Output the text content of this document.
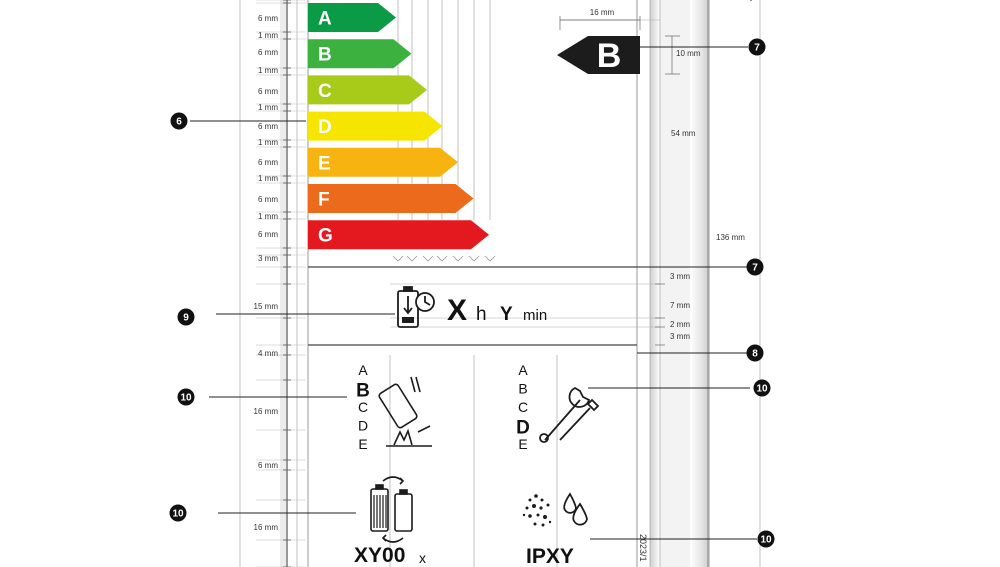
6 mm
1 mm
6 mm
1 mm
6 mm
1 mm
6 mm
1 mm
6 mm
1 mm
6 mm
1 mm
6 mm
3 mm
15 mm
4 mm
16 mm
6 mm
16 mm
A
B
C
D
E
F
G
B
16 mm
10 mm
54 mm
136 mm
3 mm
7 mm
2 mm
3 mm
X h Y min
A
B
C
D
E
A
B
C
D
E
XY00 x	IPXY	2023/1
6
7
7
8
9
10
10
10
10
